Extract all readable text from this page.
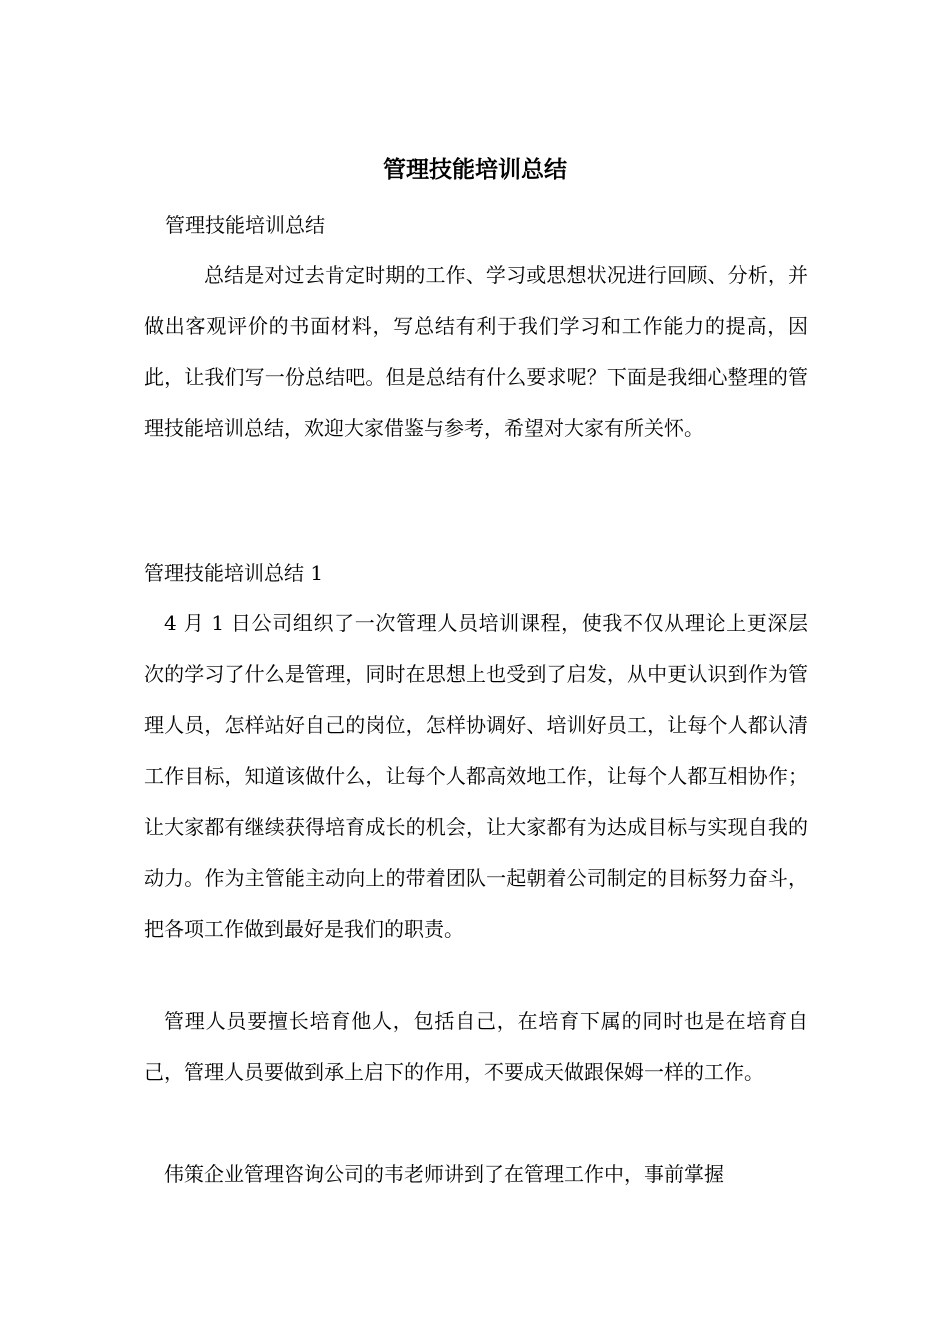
管理技能培训总结

管理技能培训总结

总结是对过去肯定时期的工作、学习或思想状况进行回顾、分析，并做出客观评价的书面材料，写总结有利于我们学习和工作能力的提高，因此，让我们写一份总结吧。但是总结有什么要求呢？下面是我细心整理的管理技能培训总结，欢迎大家借鉴与参考，希望对大家有所关怀。

管理技能培训总结 1

4 月 1 日公司组织了一次管理人员培训课程，使我不仅从理论上更深层次的学习了什么是管理，同时在思想上也受到了启发，从中更认识到作为管理人员，怎样站好自己的岗位，怎样协调好、培训好员工，让每个人都认清工作目标，知道该做什么，让每个人都高效地工作，让每个人都互相协作；让大家都有继续获得培育成长的机会，让大家都有为达成目标与实现自我的动力。作为主管能主动向上的带着团队一起朝着公司制定的目标努力奋斗，把各项工作做到最好是我们的职责。

管理人员要擅长培育他人，包括自己，在培育下属的同时也是在培育自己，管理人员要做到承上启下的作用，不要成天做跟保姆一样的工作。

伟策企业管理咨询公司的韦老师讲到了在管理工作中，事前掌握
